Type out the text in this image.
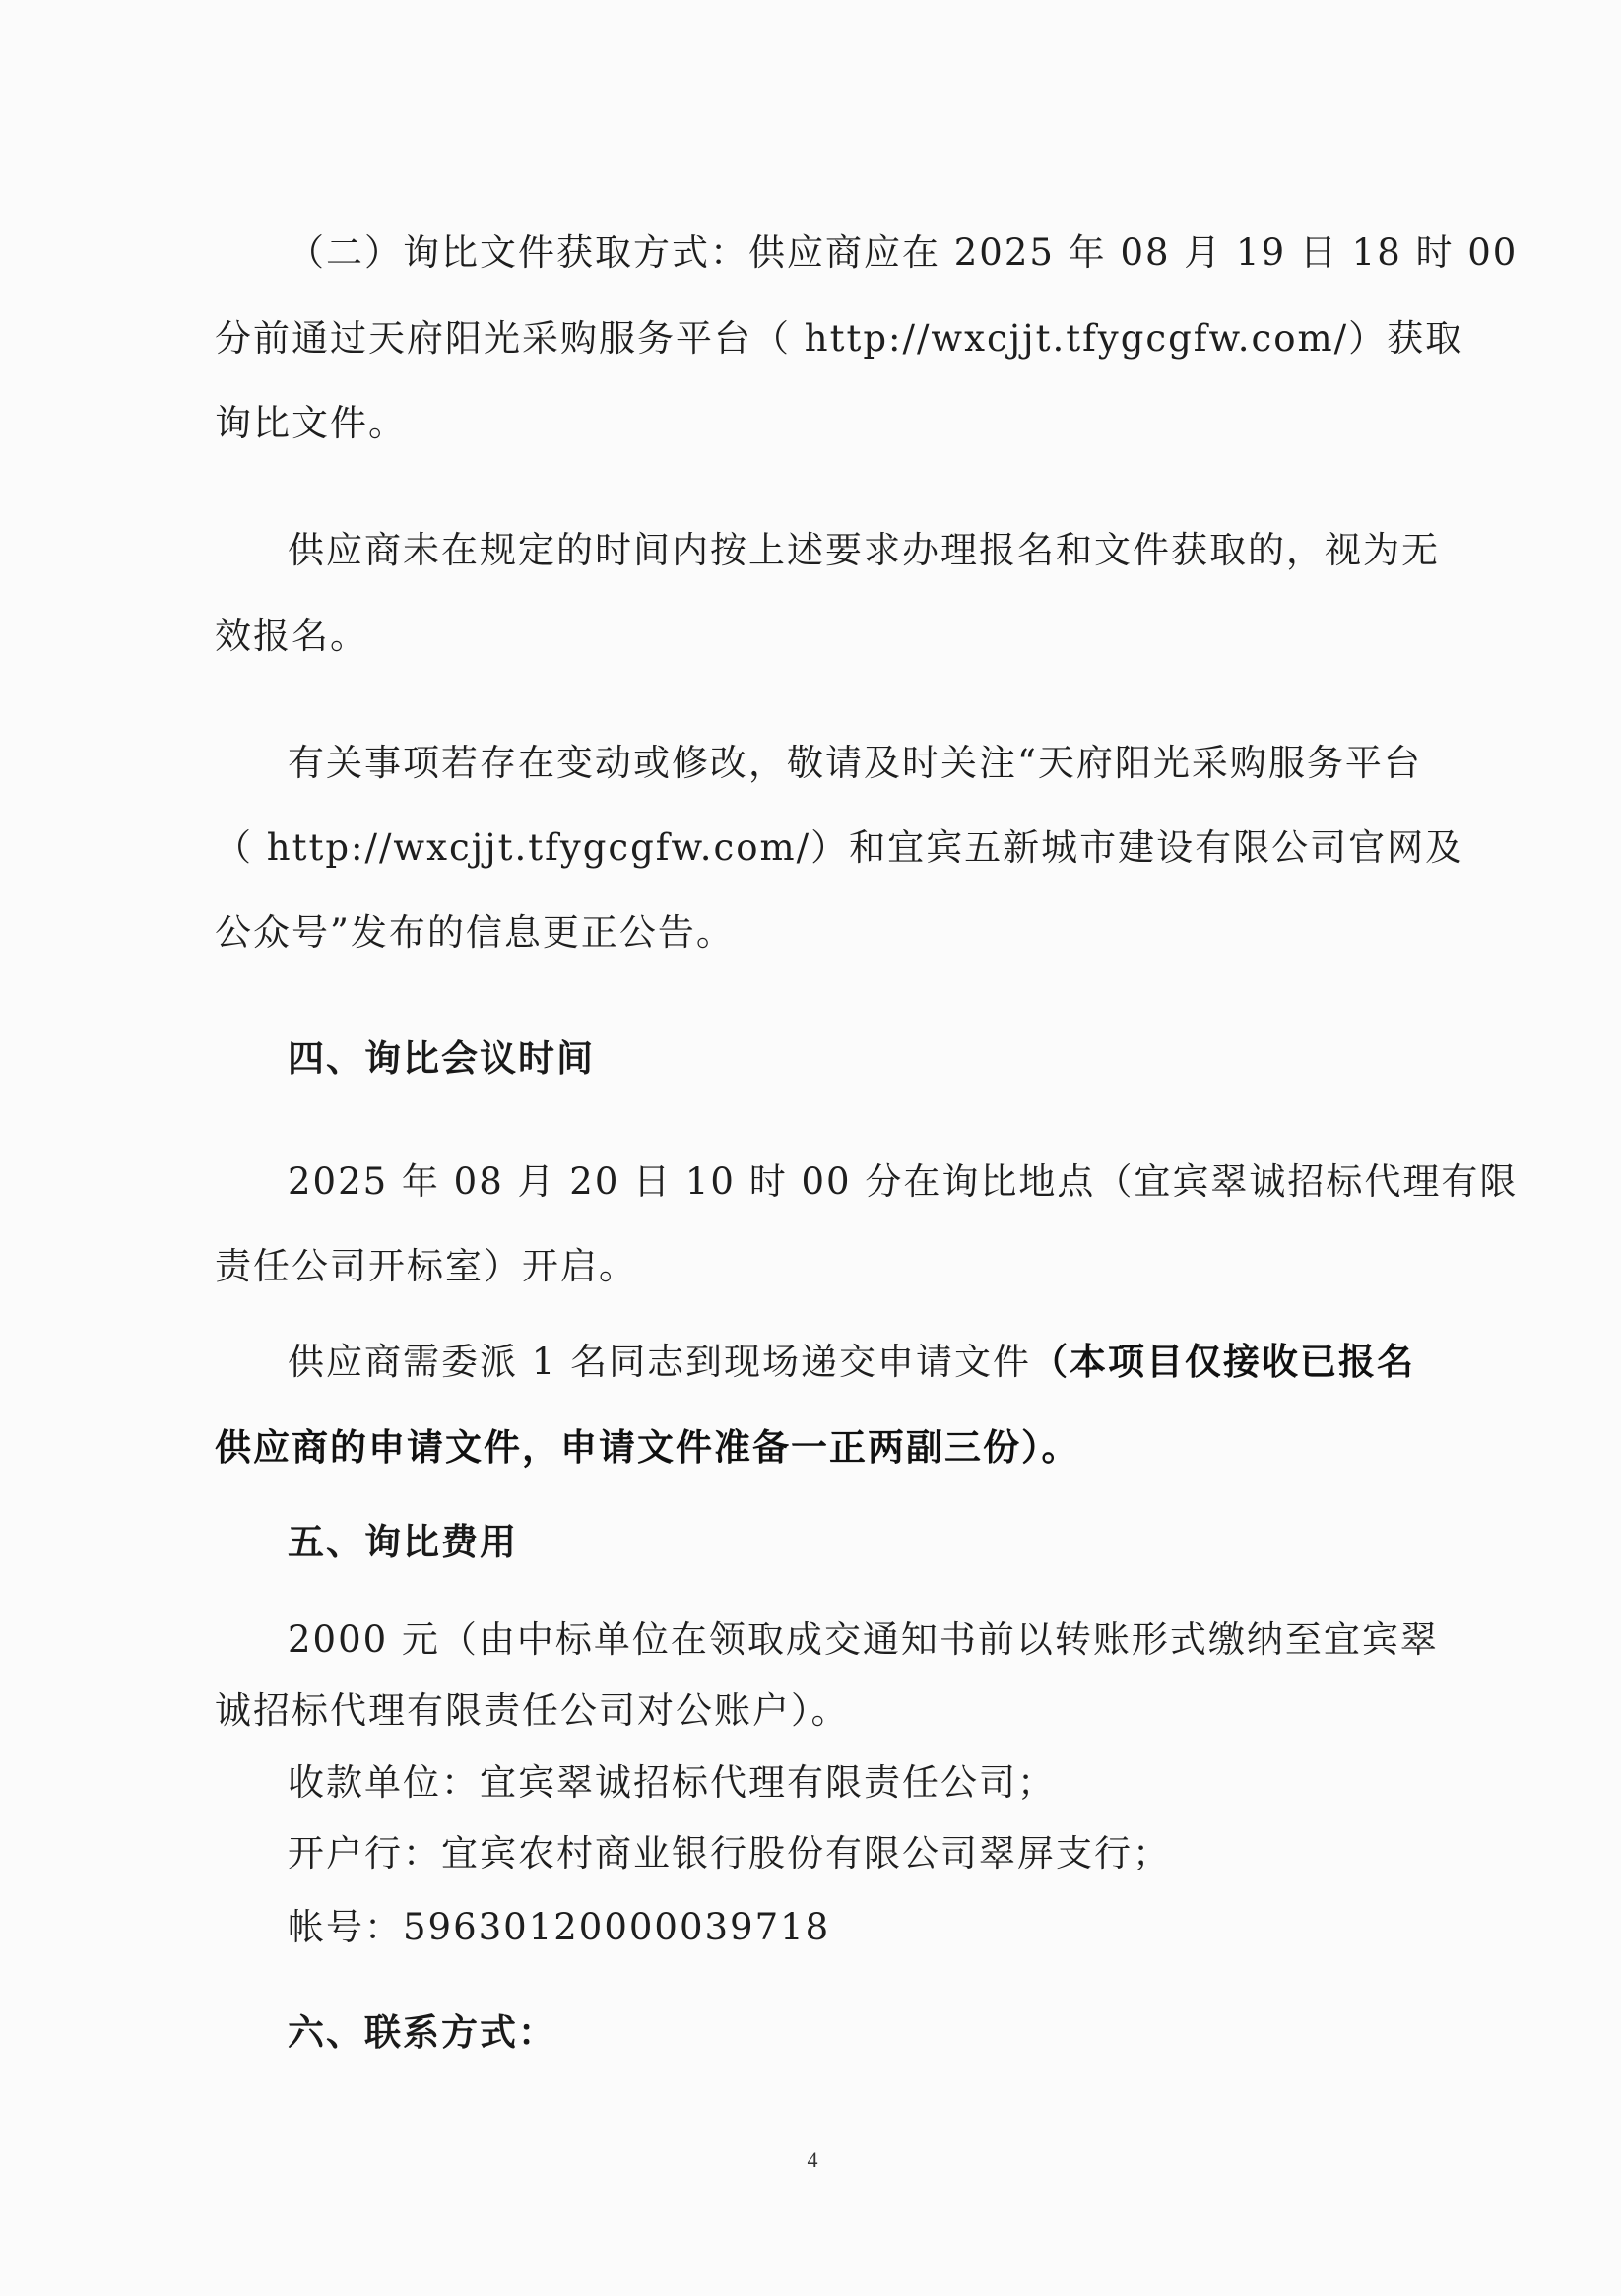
（二）询比文件获取方式：供应商应在 2025 年 08 月 19 日 18 时 00
分前通过天府阳光采购服务平台（ http://wxcjjt.tfygcgfw.com/）获取
询比文件。
供应商未在规定的时间内按上述要求办理报名和文件获取的，视为无
效报名。
有关事项若存在变动或修改，敬请及时关注“天府阳光采购服务平台
（ http://wxcjjt.tfygcgfw.com/）和宜宾五新城市建设有限公司官网及
公众号”发布的信息更正公告。
四、询比会议时间
2025 年 08 月 20 日 10 时 00 分在询比地点（宜宾翠诚招标代理有限
责任公司开标室）开启。
供应商需委派 1 名同志到现场递交申请文件（本项目仅接收已报名
供应商的申请文件，申请文件准备一正两副三份）。
五、询比费用
2000 元（由中标单位在领取成交通知书前以转账形式缴纳至宜宾翠
诚招标代理有限责任公司对公账户）。
收款单位：宜宾翠诚招标代理有限责任公司；
开户行：宜宾农村商业银行股份有限公司翠屏支行；
帐号：59630120000039718
六、联系方式：
4
